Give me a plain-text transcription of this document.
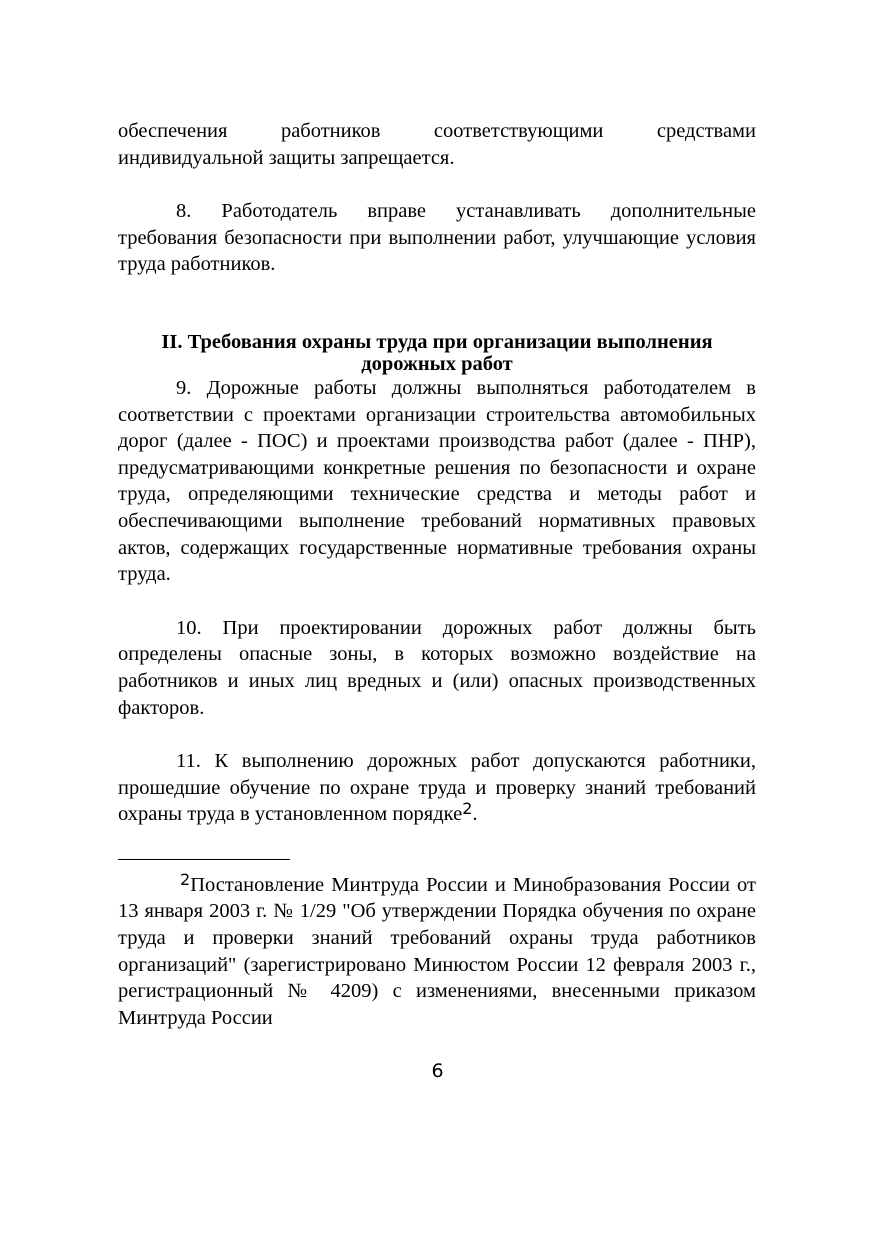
обеспечения работников соответствующими средствами индивидуальной защиты запрещается.

8. Работодатель вправе устанавливать дополнительные требования безопасности при выполнении работ, улучшающие условия труда работников.

II. Требования охраны труда при организации выполнения

дорожных работ

9. Дорожные работы должны выполняться работодателем в соответствии с проектами организации строительства автомобильных дорог (далее - ПОС) и проектами производства работ (далее - ПНР), предусматривающими конкретные решения по безопасности и охране труда, определяющими технические средства и методы работ и обеспечивающими выполнение требований нормативных правовых актов, содержащих государственные нормативные требования охраны труда.

10. При проектировании дорожных работ должны быть определены опасные зоны, в которых возможно воздействие на работников и иных лиц вредных и (или) опасных производственных факторов.

11. К выполнению дорожных работ допускаются работники, прошедшие обучение по охране труда и проверку знаний требований охраны труда в установленном порядке$^2$.

$^2$Постановление Минтруда России и Минобразования России от 13 января 2003 г. № 1/29 "Об утверждении Порядка обучения по охране труда и проверки знаний требований охраны труда работников организаций" (зарегистрировано Минюстом России 12 февраля 2003 г., регистрационный № 4209) с изменениями, внесенными приказом Минтруда России

6
